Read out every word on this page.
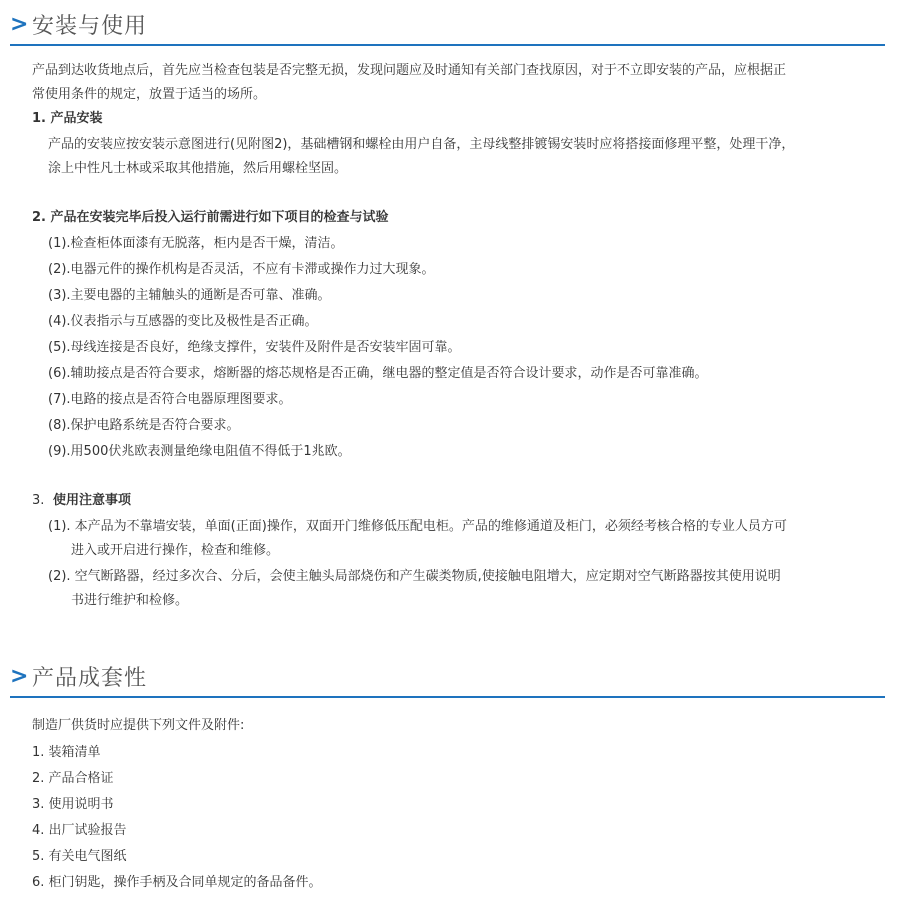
> 安装与使用
产品到达收货地点后，首先应当检查包装是否完整无损，发现问题应及时通知有关部门查找原因，对于不立即安装的产品，应根据正
常使用条件的规定，放置于适当的场所。
1. 产品安装
产品的安装应按安装示意图进行(见附图2)，基础槽钢和螺栓由用户自备，主母线整排镀锡安装时应将搭接面修理平整，处理干净，
涂上中性凡士林或采取其他措施，然后用螺栓坚固。
2. 产品在安装完毕后投入运行前需进行如下项目的检查与试验
(1).检查柜体面漆有无脱落，柜内是否干燥，清洁。
(2).电器元件的操作机构是否灵活，不应有卡滞或操作力过大现象。
(3).主要电器的主辅触头的通断是否可靠、准确。
(4).仪表指示与互感器的变比及极性是否正确。
(5).母线连接是否良好，绝缘支撑件，安装件及附件是否安装牢固可靠。
(6).辅助接点是否符合要求，熔断器的熔芯规格是否正确，继电器的整定值是否符合设计要求，动作是否可靠准确。
(7).电路的接点是否符合电器原理图要求。
(8).保护电路系统是否符合要求。
(9).用500伏兆欧表测量绝缘电阻值不得低于1兆欧。
3. 使用注意事项
(1). 本产品为不靠墙安装，单面(正面)操作，双面开门维修低压配电柜。产品的维修通道及柜门，必须经考核合格的专业人员方可
进入或开启进行操作，检查和维修。
(2). 空气断路器，经过多次合、分后，会使主触头局部烧伤和产生碳类物质,使接触电阻增大，应定期对空气断路器按其使用说明
书进行维护和检修。
> 产品成套性
制造厂供货时应提供下列文件及附件:
1. 装箱清单
2. 产品合格证
3. 使用说明书
4. 出厂试验报告
5. 有关电气图纸
6. 柜门钥匙，操作手柄及合同单规定的备品备件。
